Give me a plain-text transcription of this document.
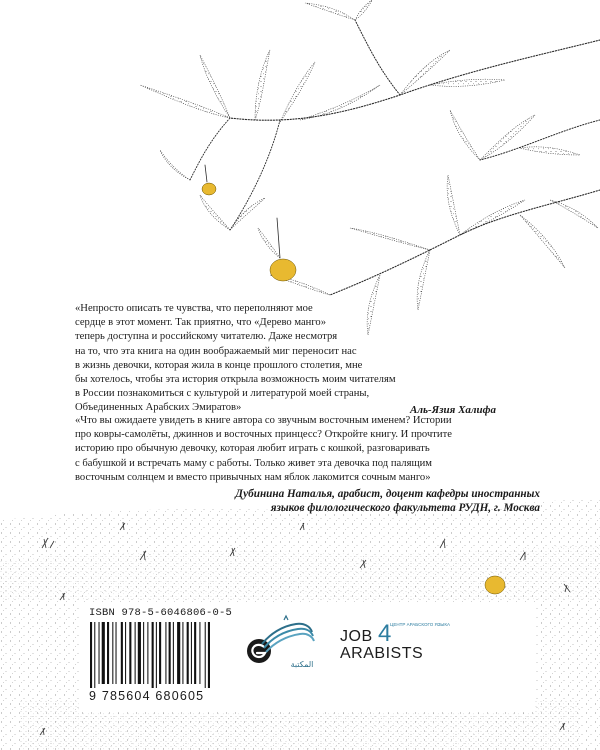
«Непросто описать те чувства, что переполняют мое

сердце в этот момент. Так приятно, что «Дерево манго»

теперь доступна и российскому читателю. Даже несмотря

на то, что эта книга на один воображаемый миг переносит нас

в жизнь девочки, которая жила в конце прошлого столетия, мне

бы хотелось, чтобы эта история открыла возможность моим читателям

в России познакомиться с культурой и литературой моей страны,

Объединенных Арабских Эмиратов»	Аль-Язия Халифа

«Что вы ожидаете увидеть в книге автора со звучным восточным именем? Истории

про ковры-самолёты, джиннов и восточных принцесс? Откройте книгу. И прочтите

историю про обычную девочку, которая любит играть с кошкой, разговаривать

с бабушкой и встречать маму с работы. Только живет эта девочка под палящим

восточным солнцем и вместо привычных нам яблок лакомится сочным манго»

Дубинина Наталья, арабист, доцент кафедры иностранных
языков филологического факультета РУДН, г. Москва
ISBN 978-5-6046806-0-5
9 785604 680605
المكتبة
JOB 4
ЦЕНТР АРАБСКОГО ЯЗЫКА
ARABISTS
